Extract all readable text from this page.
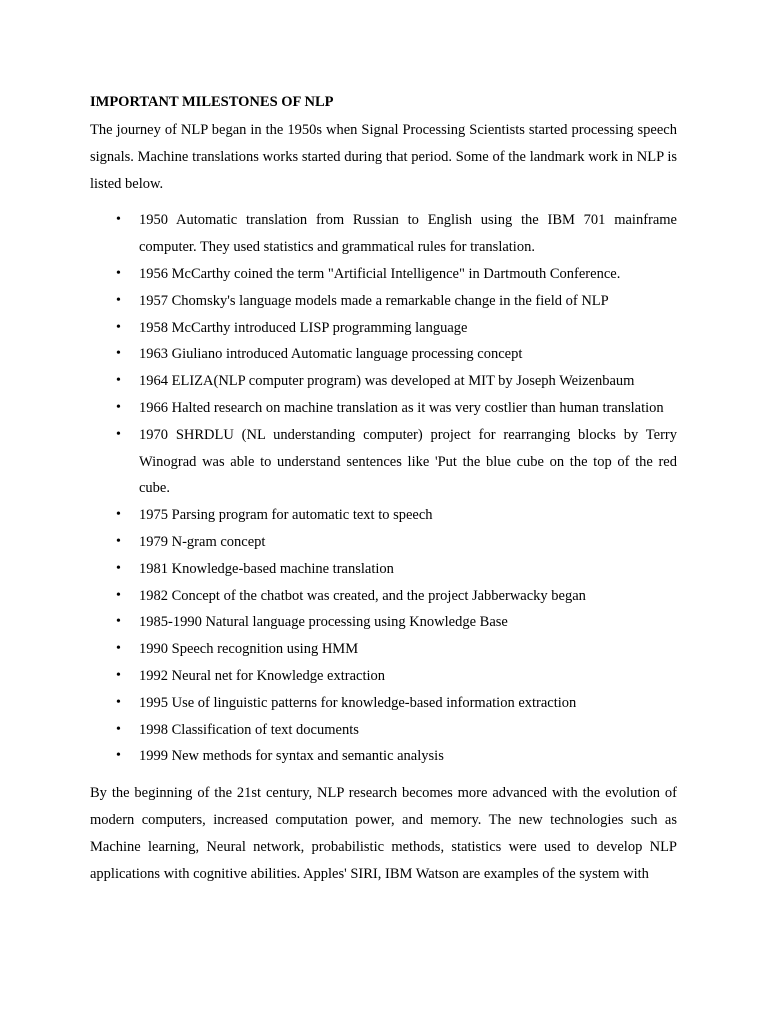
IMPORTANT MILESTONES OF NLP

The journey of NLP began in the 1950s when Signal Processing Scientists started processing speech signals. Machine translations works started during that period. Some of the landmark work in NLP is listed below.

• 1950 Automatic translation from Russian to English using the IBM 701 mainframe computer. They used statistics and grammatical rules for translation.
• 1956 McCarthy coined the term "Artificial Intelligence" in Dartmouth Conference.
• 1957 Chomsky's language models made a remarkable change in the field of NLP
• 1958 McCarthy introduced LISP programming language
• 1963 Giuliano introduced Automatic language processing concept
• 1964 ELIZA(NLP computer program) was developed at MIT by Joseph Weizenbaum
• 1966 Halted research on machine translation as it was very costlier than human translation
• 1970 SHRDLU (NL understanding computer) project for rearranging blocks by Terry Winograd was able to understand sentences like 'Put the blue cube on the top of the red cube.
• 1975 Parsing program for automatic text to speech
• 1979 N-gram concept
• 1981 Knowledge-based machine translation
• 1982 Concept of the chatbot was created, and the project Jabberwacky began
• 1985-1990 Natural language processing using Knowledge Base
• 1990 Speech recognition using HMM
• 1992 Neural net for Knowledge extraction
• 1995 Use of linguistic patterns for knowledge-based information extraction
• 1998 Classification of text documents
• 1999 New methods for syntax and semantic analysis

By the beginning of the 21st century, NLP research becomes more advanced with the evolution of modern computers, increased computation power, and memory. The new technologies such as Machine learning, Neural network, probabilistic methods, statistics were used to develop NLP applications with cognitive abilities. Apples' SIRI, IBM Watson are examples of the system with
